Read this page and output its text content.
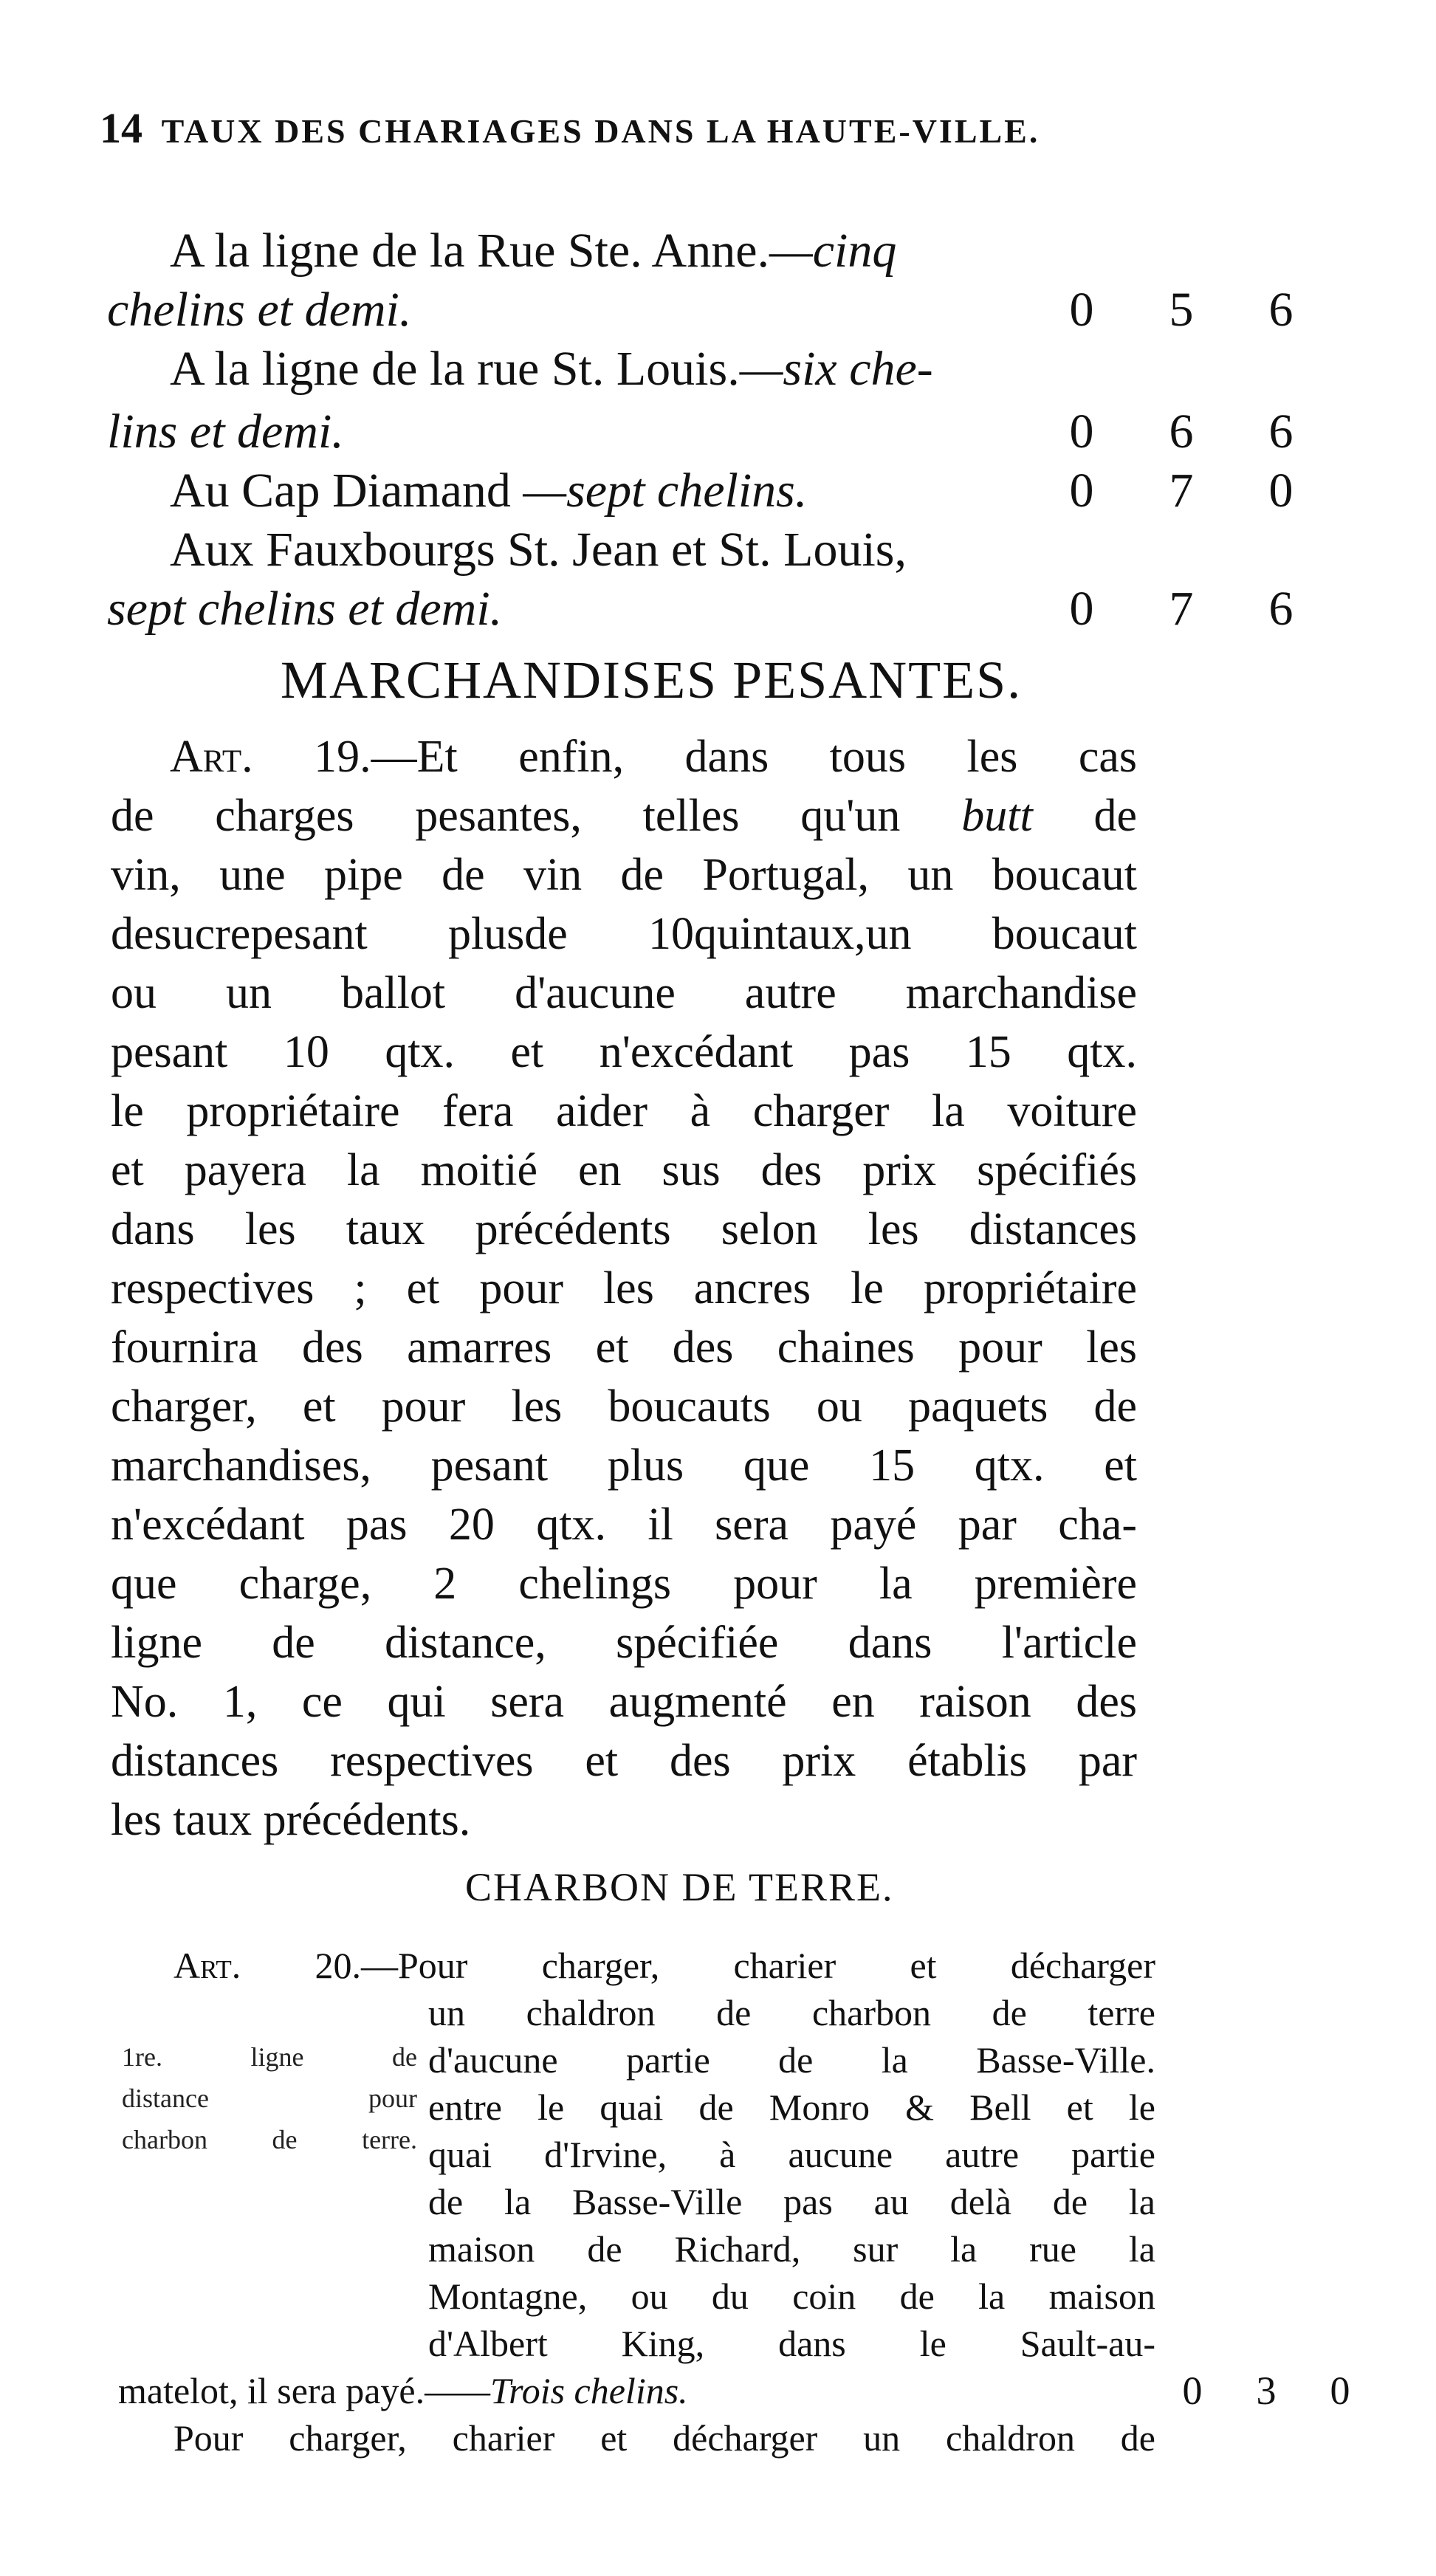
14 TAUX DES CHARIAGES DANS LA HAUTE-VILLE.
A la ligne de la Rue Ste. Anne.—cinq
chelins et demi.	0 5 6
A la ligne de la rue St. Louis.—six che-
lins et demi.	0 6 6
Au Cap Diamand —sept chelins.	0 7 0
Aux Fauxbourgs St. Jean et St. Louis,
sept chelins et demi.	0 7 6
MARCHANDISES PESANTES.
Art. 19.—Et enfin, dans tous les cas
de charges pesantes, telles qu'un butt de
vin, une pipe de vin de Portugal, un boucaut
desucrepesant plusde 10quintaux,un boucaut
ou un ballot d'aucune autre marchandise
pesant 10 qtx. et n'excédant pas 15 qtx.
le propriétaire fera aider à charger la voiture
et payera la moitié en sus des prix spécifiés
dans les taux précédents selon les distances
respectives ; et pour les ancres le propriétaire
fournira des amarres et des chaines pour les
charger, et pour les boucauts ou paquets de
marchandises, pesant plus que 15 qtx. et
n'excédant pas 20 qtx. il sera payé par cha-
que charge, 2 chelings pour la première
ligne de distance, spécifiée dans l'article
No. 1, ce qui sera augmenté en raison des
distances respectives et des prix établis par
les taux précédents.
CHARBON DE TERRE.
Art. 20.—Pour charger, charier et décharger
un chaldron de charbon de terre
1re. ligne de
distance pour
charbon de terre.
d'aucune partie de la Basse-Ville.
entre le quai de Monro & Bell et le
quai d'Irvine, à aucune autre partie
de la Basse-Ville pas au delà de la
maison de Richard, sur la rue la
Montagne, ou du coin de la maison
d'Albert King, dans le Sault-au-
matelot, il sera payé.——Trois chelins.	0 3 0
Pour charger, charier et décharger un chaldron de
